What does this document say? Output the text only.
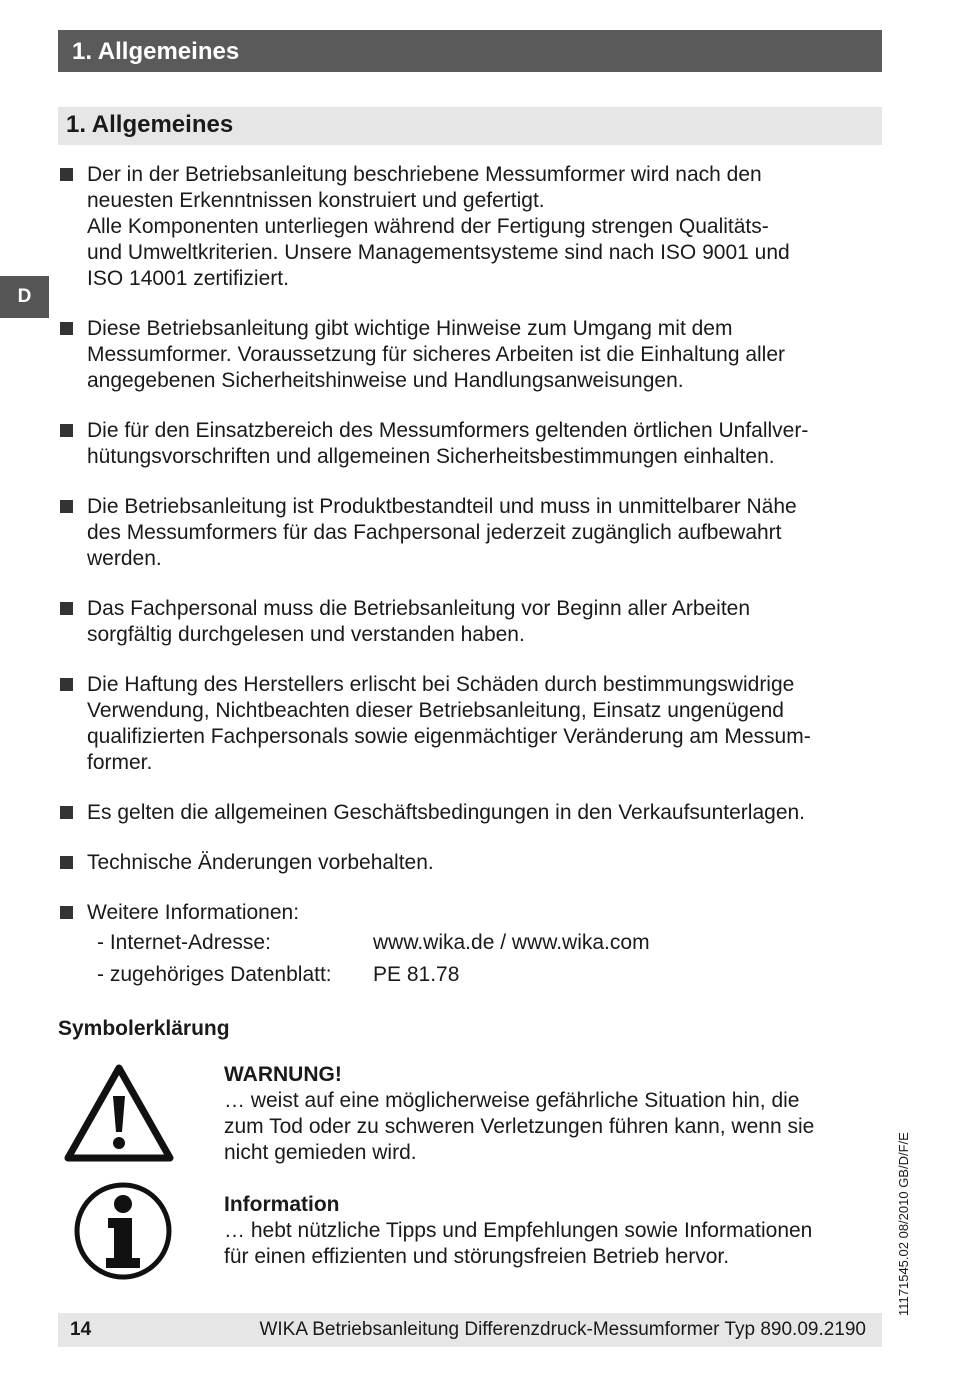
1. Allgemeines
1. Allgemeines
D

Der in der Betriebsanleitung beschriebene Messumformer wird nach den

neuesten Erkenntnissen konstruiert und gefertigt.

Alle Komponenten unterliegen während der Fertigung strengen Qualitäts-

und Umweltkriterien. Unsere Managementsysteme sind nach ISO 9001 und

ISO 14001 zertifiziert.

Diese Betriebsanleitung gibt wichtige Hinweise zum Umgang mit dem

Messumformer. Voraussetzung für sicheres Arbeiten ist die Einhaltung aller

angegebenen Sicherheitshinweise und Handlungsanweisungen.

Die für den Einsatzbereich des Messumformers geltenden örtlichen Unfallver-

hütungsvorschriften und allgemeinen Sicherheitsbestimmungen einhalten.

Die Betriebsanleitung ist Produktbestandteil und muss in unmittelbarer Nähe

des Messumformers für das Fachpersonal jederzeit zugänglich aufbewahrt

werden.

Das Fachpersonal muss die Betriebsanleitung vor Beginn aller Arbeiten

sorgfältig durchgelesen und verstanden haben.

Die Haftung des Herstellers erlischt bei Schäden durch bestimmungswidrige

Verwendung, Nichtbeachten dieser Betriebsanleitung, Einsatz ungenügend

qualifizierten Fachpersonals sowie eigenmächtiger Veränderung am Messum-

former.

Es gelten die allgemeinen Geschäftsbedingungen in den Verkaufsunterlagen.

Technische Änderungen vorbehalten.

Weitere Informationen:

- Internet-Adresse:	www.wika.de / www.wika.com
- zugehöriges Datenblatt:	PE 81.78
Symbolerklärung

WARNUNG!

… weist auf eine möglicherweise gefährliche Situation hin, die

zum Tod oder zu schweren Verletzungen führen kann, wenn sie

nicht gemieden wird.

Information

… hebt nützliche Tipps und Empfehlungen sowie Informationen

für einen effizienten und störungsfreien Betrieb hervor.	11171545.02 08/2010 GB/D/F/E
14	WIKA Betriebsanleitung Differenzdruck-Messumformer Typ 890.09.2190
